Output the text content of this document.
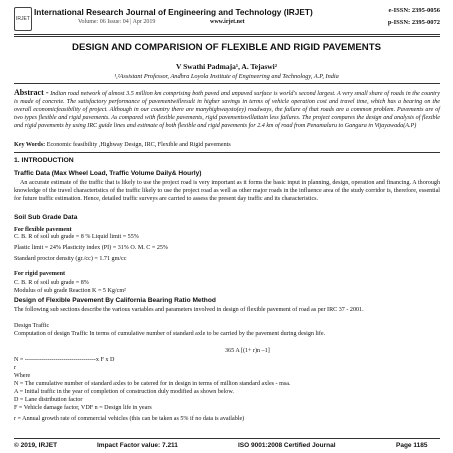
IRJET
International Research Journal of Engineering and Technology (IRJET)
Volume: 06 Issue: 04 | Apr 2019	www.irjet.net
e-ISSN: 2395-0056
p-ISSN: 2395-0072
DESIGN AND COMPARISION OF FLEXIBLE AND RIGID PAVEMENTS
V Swathi Padmaja¹, A. Tejaswi²
¹,²Assistant Professor, Andhra Loyola Institute of Engineering and Technology, A.P, India

Abstract - Indian road network of almost 3.5 million km comprising both paved and unpaved surface is world's second largest. A very small share of roads in the country is made of concrete. The satisfactory performance of pavementwillresult in higher savings in terms of vehicle operation cost and travel time, which has a bearing on the overall economicfeasibility of project. Although in our country there are manyhighwaysto(ey) roadways, the failure of that roads are a common problem. Pavements are of two types flexible and rigid pavements. As compared with flexible pavements, rigid pavementswillattain less failures. The project compares the design and analysis of flexible and rigid pavements by using IRC guide lines and estimate of both flexible and rigid pavements for 2.4 km of road from Penamaluru to Gangura in Vijayawada(A.P)

Key Words: Economic feasibility ,Highway Design, IRC, Flexible and Rigid pavements

1. INTRODUCTION
Traffic Data (Max Wheel Load, Traffic Volume Daily& Hourly)

An accurate estimate of the traffic that is likely to use the project road is very important as it forms the basic input in planning, design, operation and financing. A thorough knowledge of the travel characteristics of the traffic likely to use the project road as well as other major roads in the influence area of the study corridor is, therefore, essential for future traffic estimation. Hence, detailed traffic surveys are carried to assess the present day traffic and its characteristics.

Soil Sub Grade Data
For flexible pavement
C. B. R of soil sub grade = 8 % Liquid limit = 55%
Plastic limit = 24% Plasticity index (PI) = 31% O. M. C = 25%
Standard proctor density (gr./cc) = 1.71 gm/cc
For rigid pavement
C. B. R of soil sub grade = 8%
Modulus of sub grade Reaction K = 5 Kg/cm²
Design of Flexible Pavement By California Bearing Ratio Method

The following sub sections describe the various variables and parameters involved in design of flexible pavement of road as per IRC 37 - 2001.

Design Traffic

Computation of design Traffic In terms of cumulative number of standard axle to be carried by the pavement during design life.

365 A [(1+ r)n –1]
N = -----------------------------------x F x D
r
Where
N = The cumulative number of standard axles to be catered for in design in terms of million standard axles - msa.
A = Initial traffic in the year of completion of construction duly modified as shown below.
D = Lane distribution factor
F = Vehicle damage factor, VDF n = Design life in years
r = Annual growth rate of commercial vehicles (this can be taken as 5% if no data is available)
© 2019, IRJET	Impact Factor value: 7.211	ISO 9001:2008 Certified Journal	Page 1185
